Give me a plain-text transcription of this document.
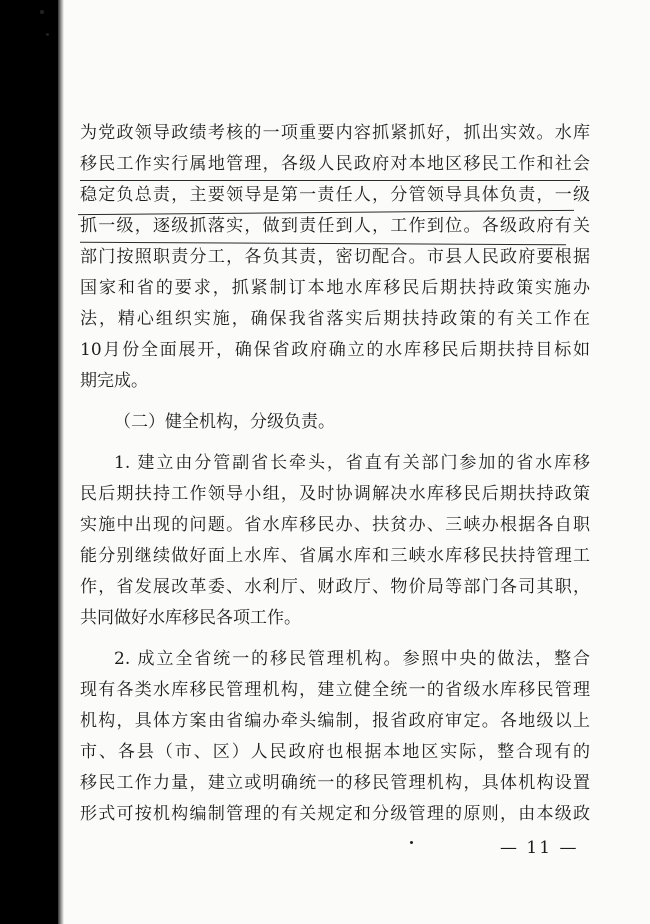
为党政领导政绩考核的一项重要内容抓紧抓好，抓出实效。水库
移民工作实行属地管理，各级人民政府对本地区移民工作和社会
稳定负总责，主要领导是第一责任人，分管领导具体负责，一级
抓一级，逐级抓落实，做到责任到人，工作到位。各级政府有关
部门按照职责分工，各负其责，密切配合。市县人民政府要根据
国家和省的要求，抓紧制订本地水库移民后期扶持政策实施办
法，精心组织实施，确保我省落实后期扶持政策的有关工作在
10月份全面展开，确保省政府确立的水库移民后期扶持目标如
期完成。
（二）健全机构，分级负责。
1. 建立由分管副省长牵头，省直有关部门参加的省水库移
民后期扶持工作领导小组，及时协调解决水库移民后期扶持政策
实施中出现的问题。省水库移民办、扶贫办、三峡办根据各自职
能分别继续做好面上水库、省属水库和三峡水库移民扶持管理工
作，省发展改革委、水利厅、财政厅、物价局等部门各司其职，
共同做好水库移民各项工作。
2. 成立全省统一的移民管理机构。参照中央的做法，整合
现有各类水库移民管理机构，建立健全统一的省级水库移民管理
机构，具体方案由省编办牵头编制，报省政府审定。各地级以上
市、各县（市、区）人民政府也根据本地区实际，整合现有的
移民工作力量，建立或明确统一的移民管理机构，具体机构设置
形式可按机构编制管理的有关规定和分级管理的原则，由本级政
— 11 —
